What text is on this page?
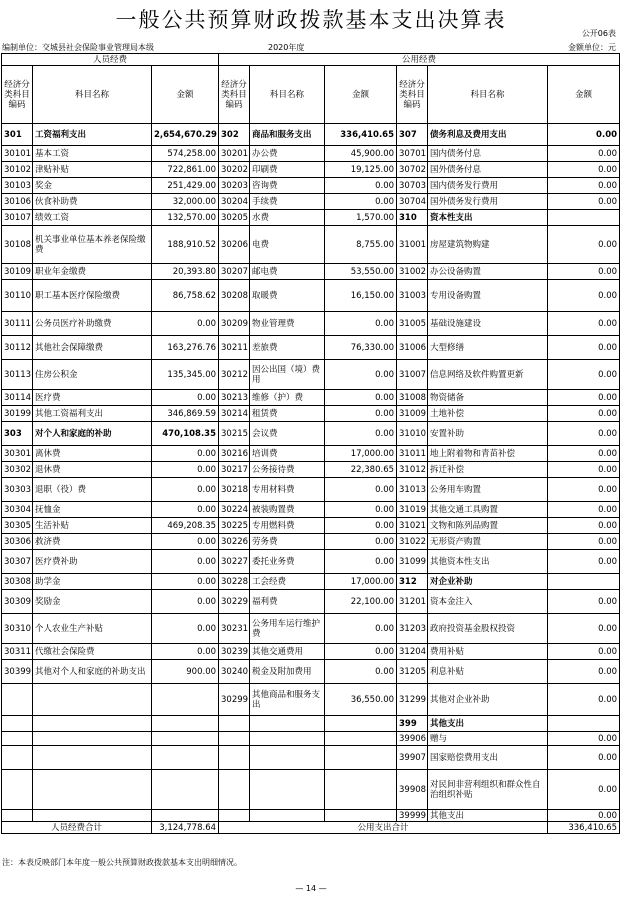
一般公共预算财政拨款基本支出决算表
公开06表
编制单位：交城县社会保险事业管理局本级	2020年度	金额单位：元
人员经费			公用经费					
经济分类科目编码	科目名称	金额	经济分类科目编码	科目名称	金额	经济分类科目编码	科目名称	金额
301	工资福利支出	2,654,670.29	302	商品和服务支出	336,410.65	307	债务利息及费用支出	0.00
30101	基本工资	574,258.00	30201	办公费	45,900.00	30701	国内债务付息	0.00
30102	津贴补贴	722,861.00	30202	印刷费	19,125.00	30702	国外债务付息	0.00
30103	奖金	251,429.00	30203	咨询费	0.00	30703	国内债务发行费用	0.00
30106	伙食补助费	32,000.00	30204	手续费	0.00	30704	国外债务发行费用	0.00
30107	绩效工资	132,570.00	30205	水费	1,570.00	310	资本性支出	
30108	机关事业单位基本养老保险缴费	188,910.52	30206	电费	8,755.00	31001	房屋建筑物购建	0.00
30109	职业年金缴费	20,393.80	30207	邮电费	53,550.00	31002	办公设备购置	0.00
30110	职工基本医疗保险缴费	86,758.62	30208	取暖费	16,150.00	31003	专用设备购置	0.00
30111	公务员医疗补助缴费	0.00	30209	物业管理费	0.00	31005	基础设施建设	0.00
30112	其他社会保障缴费	163,276.76	30211	差旅费	76,330.00	31006	大型修缮	0.00
30113	住房公积金	135,345.00	30212	因公出国（境）费用	0.00	31007	信息网络及软件购置更新	0.00
30114	医疗费	0.00	30213	维修（护）费	0.00	31008	物资储备	0.00
30199	其他工资福利支出	346,869.59	30214	租赁费	0.00	31009	土地补偿	0.00
303	对个人和家庭的补助	470,108.35	30215	会议费	0.00	31010	安置补助	0.00
30301	离休费	0.00	30216	培训费	17,000.00	31011	地上附着物和青苗补偿	0.00
30302	退休费	0.00	30217	公务接待费	22,380.65	31012	拆迁补偿	0.00
30303	退职（役）费	0.00	30218	专用材料费	0.00	31013	公务用车购置	0.00
30304	抚恤金	0.00	30224	被装购置费	0.00	31019	其他交通工具购置	0.00
30305	生活补贴	469,208.35	30225	专用燃料费	0.00	31021	文物和陈列品购置	0.00
30306	救济费	0.00	30226	劳务费	0.00	31022	无形资产购置	0.00
30307	医疗费补助	0.00	30227	委托业务费	0.00	31099	其他资本性支出	0.00
30308	助学金	0.00	30228	工会经费	17,000.00	312	对企业补助	
30309	奖励金	0.00	30229	福利费	22,100.00	31201	资本金注入	0.00
30310	个人农业生产补贴	0.00	30231	公务用车运行维护费	0.00	31203	政府投资基金股权投资	0.00
30311	代缴社会保险费	0.00	30239	其他交通费用	0.00	31204	费用补贴	0.00
30399	其他对个人和家庭的补助支出	900.00	30240	税金及附加费用	0.00	31205	利息补贴	0.00
			30299	其他商品和服务支出	36,550.00	31299	其他对企业补助	0.00
						399	其他支出	
						39906	赠与	0.00
						39907	国家赔偿费用支出	0.00
						39908	对民间非营利组织和群众性自治组织补贴	0.00
						39999	其他支出	0.00
人员经费合计		3,124,778.64	公用支出合计					336,410.65
注：本表反映部门本年度一般公共预算财政拨款基本支出明细情况。
— 14 —
